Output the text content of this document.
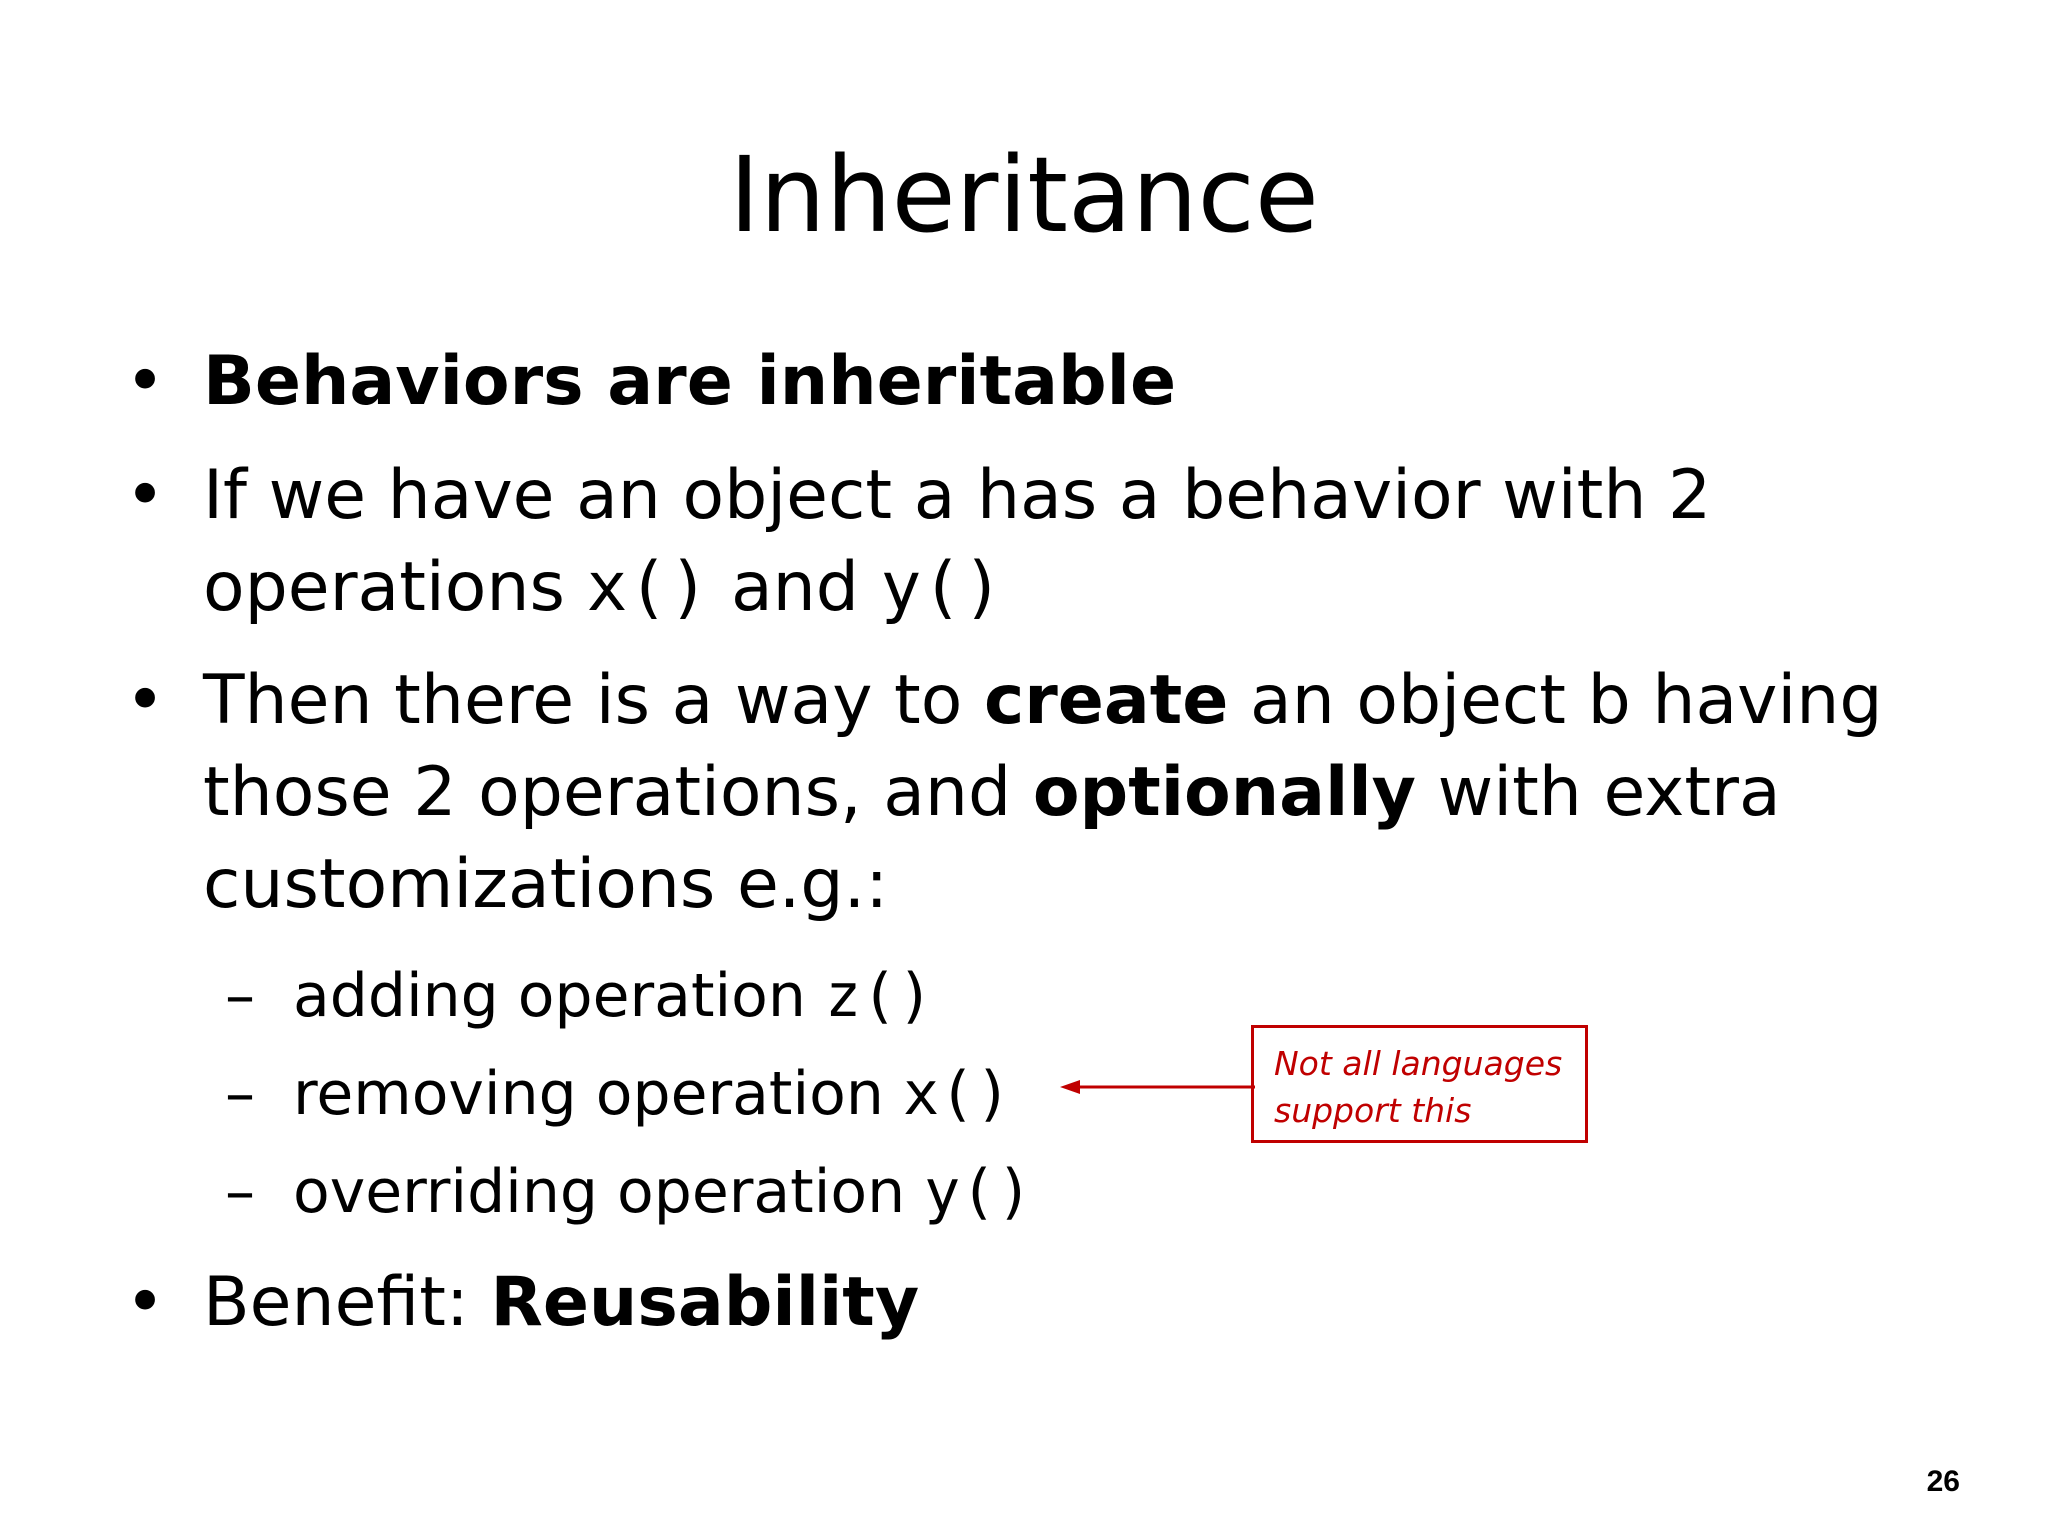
Inheritance
• Behaviors are inheritable
• If we have an object a has a behavior with 2
operations x() and y()
• Then there is a way to create an object b having
those 2 operations, and optionally with extra
customizations e.g.:
– adding operation z()
– removing operation x()
– overriding operation y()
• Benefit: Reusability
Not all languages
support this
26
